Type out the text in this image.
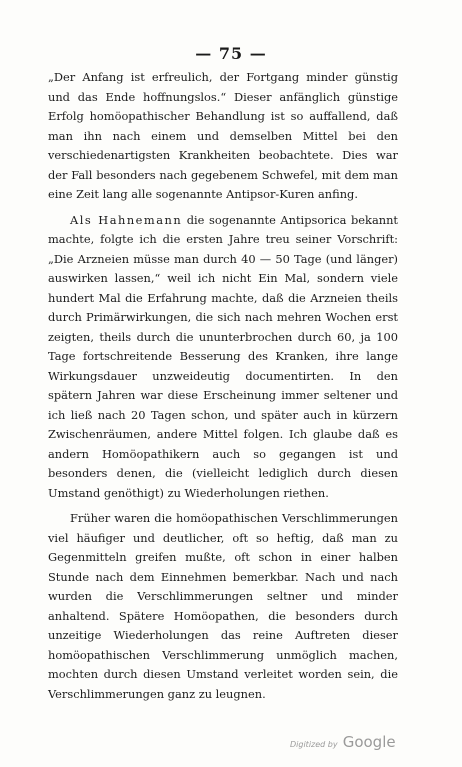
— 75 —

„Der Anfang ist erfreulich, der Fortgang minder günstig und das Ende hoffnungslos.“ Dieser anfänglich günstige Erfolg homöopathischer Behandlung ist so auffallend, daß man ihn nach einem und demselben Mittel bei den verschiedenartigsten Krankheiten beobachtete. Dies war der Fall besonders nach gegebenem Schwefel, mit dem man eine Zeit lang alle sogenannte Antipsor-Kuren anfing.

Als Hahnemann die sogenannte Antipsorica bekannt machte, folgte ich die ersten Jahre treu seiner Vorschrift: „Die Arzneien müsse man durch 40 — 50 Tage (und länger) auswirken lassen,“ weil ich nicht Ein Mal, sondern viele hundert Mal die Erfahrung machte, daß die Arzneien theils durch Primärwirkungen, die sich nach mehren Wochen erst zeigten, theils durch die ununterbrochen durch 60, ja 100 Tage fortschreitende Besserung des Kranken, ihre lange Wirkungsdauer unzweideutig documentirten. In den spätern Jahren war diese Erscheinung immer seltener und ich ließ nach 20 Tagen schon, und später auch in kürzern Zwischenräumen, andere Mittel folgen. Ich glaube daß es andern Homöopathikern auch so gegangen ist und besonders denen, die (vielleicht lediglich durch diesen Umstand genöthigt) zu Wiederholungen riethen.

Früher waren die homöopathischen Verschlimmerungen viel häufiger und deutlicher, oft so heftig, daß man zu Gegenmitteln greifen mußte, oft schon in einer halben Stunde nach dem Einnehmen bemerkbar. Nach und nach wurden die Verschlimmerungen seltner und minder anhaltend. Spätere Homöopathen, die besonders durch unzeitige Wiederholungen das reine Auftreten dieser homöopathischen Verschlimmerung unmöglich machen, mochten durch diesen Umstand verleitet worden sein, die Verschlimmerungen ganz zu leugnen.

Digitized by Google
